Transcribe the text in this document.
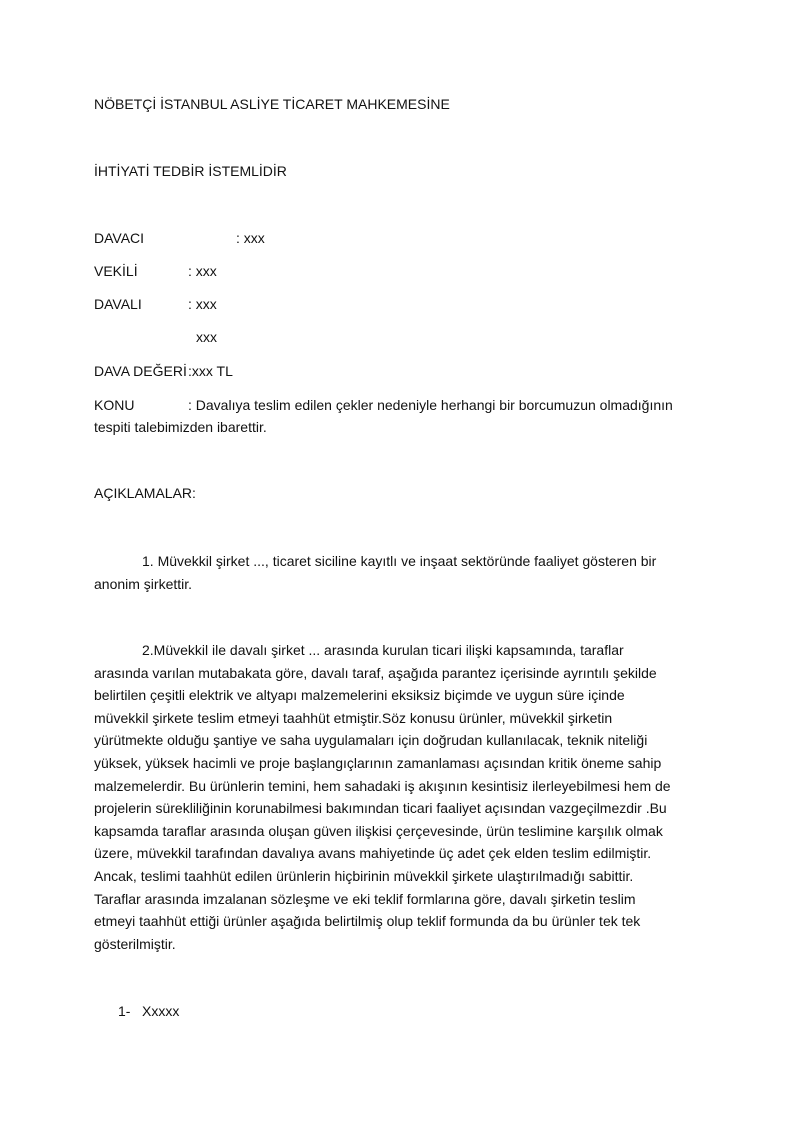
NÖBETÇİ İSTANBUL ASLİYE TİCARET MAHKEMESİNE
İHTİYATİ TEDBİR İSTEMLİDİR
DAVACI	: xxx
VEKİLİ	: xxx
DAVALI	: xxx
xxx
DAVA DEĞERİ :xxx TL
KONU	: Davalıya teslim edilen çekler nedeniyle herhangi bir borcumuzun olmadığının
tespiti talebimizden ibarettir.
AÇIKLAMALAR:
1. Müvekkil şirket ..., ticaret siciline kayıtlı ve inşaat sektöründe faaliyet gösteren bir
anonim şirkettir.
2.Müvekkil ile davalı şirket ... arasında kurulan ticari ilişki kapsamında, taraflar
arasında varılan mutabakata göre, davalı taraf, aşağıda parantez içerisinde ayrıntılı şekilde
belirtilen çeşitli elektrik ve altyapı malzemelerini eksiksiz biçimde ve uygun süre içinde
müvekkil şirkete teslim etmeyi taahhüt etmiştir.Söz konusu ürünler, müvekkil şirketin
yürütmekte olduğu şantiye ve saha uygulamaları için doğrudan kullanılacak, teknik niteliği
yüksek, yüksek hacimli ve proje başlangıçlarının zamanlaması açısından kritik öneme sahip
malzemelerdir. Bu ürünlerin temini, hem sahadaki iş akışının kesintisiz ilerleyebilmesi hem de
projelerin sürekliliğinin korunabilmesi bakımından ticari faaliyet açısından vazgeçilmezdir .Bu
kapsamda taraflar arasında oluşan güven ilişkisi çerçevesinde, ürün teslimine karşılık olmak
üzere, müvekkil tarafından davalıya avans mahiyetinde üç adet çek elden teslim edilmiştir.
Ancak, teslimi taahhüt edilen ürünlerin hiçbirinin müvekkil şirkete ulaştırılmadığı sabittir.
Taraflar arasında imzalanan sözleşme ve eki teklif formlarına göre, davalı şirketin teslim
etmeyi taahhüt ettiği ürünler aşağıda belirtilmiş olup teklif formunda da bu ürünler tek tek
gösterilmiştir.
1- Xxxxx
